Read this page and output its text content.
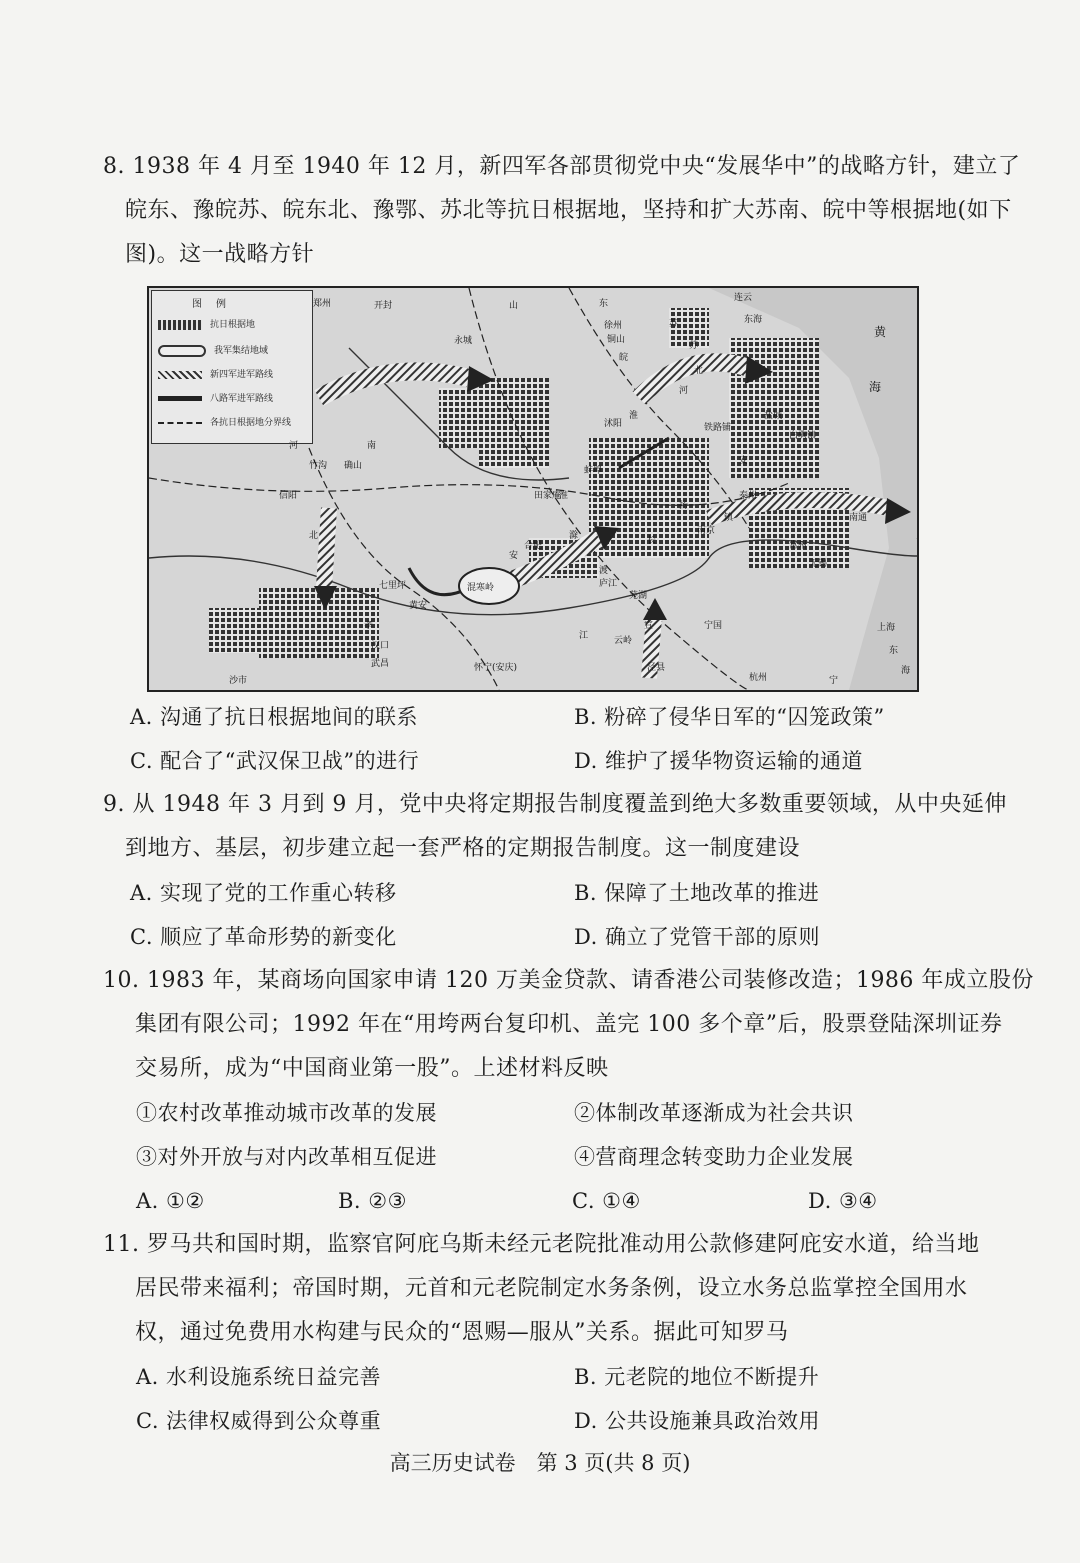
8. 1938 年 4 月至 1940 年 12 月，新四军各部贯彻党中央“发展华中”的战略方针，建立了
皖东、豫皖苏、皖东北、豫鄂、苏北等抗日根据地，坚持和扩大苏南、皖中等根据地(如下
图)。这一战略方针
图例
抗日根据地
我军集结地域
新四军进军路线
八路军进军路线
各抗日根据地分界线
郑州	开封	山	东
连云
东海
苏
北
黄
海
徐州
铜山
永城
皖
苏
河
淮
沭阳
盐城
铁路铺
白驹镇
竹沟 确山
河	南
田家庵
蚌埠
淮
安
泰州
南通
信阳
合肥
滁	长
南京
镇
扬
常州
安
无锡
北
七里坪
黄安
庐江
渡
芜湖
宣	上海
孝	宁国
东
汉口
武昌
江	云岭
杭州
沙市
怀宁(安庆)
宁
海
泾县
混寒岭
A. 沟通了抗日根据地间的联系	B. 粉碎了侵华日军的“囚笼政策”
C. 配合了“武汉保卫战”的进行	D. 维护了援华物资运输的通道
9. 从 1948 年 3 月到 9 月，党中央将定期报告制度覆盖到绝大多数重要领域，从中央延伸
到地方、基层，初步建立起一套严格的定期报告制度。这一制度建设
A. 实现了党的工作重心转移	B. 保障了土地改革的推进
C. 顺应了革命形势的新变化	D. 确立了党管干部的原则
10. 1983 年，某商场向国家申请 120 万美金贷款、请香港公司装修改造；1986 年成立股份
集团有限公司；1992 年在“用垮两台复印机、盖完 100 多个章”后，股票登陆深圳证券
交易所，成为“中国商业第一股”。上述材料反映
①农村改革推动城市改革的发展	②体制改革逐渐成为社会共识
③对外开放与对内改革相互促进	④营商理念转变助力企业发展
A. ①②	B. ②③	C. ①④	D. ③④
11. 罗马共和国时期，监察官阿庇乌斯未经元老院批准动用公款修建阿庇安水道，给当地
居民带来福利；帝国时期，元首和元老院制定水务条例，设立水务总监掌控全国用水
权，通过免费用水构建与民众的“恩赐—服从”关系。据此可知罗马
A. 水利设施系统日益完善	B. 元老院的地位不断提升
C. 法律权威得到公众尊重	D. 公共设施兼具政治效用
高三历史试卷　第 3 页(共 8 页)
